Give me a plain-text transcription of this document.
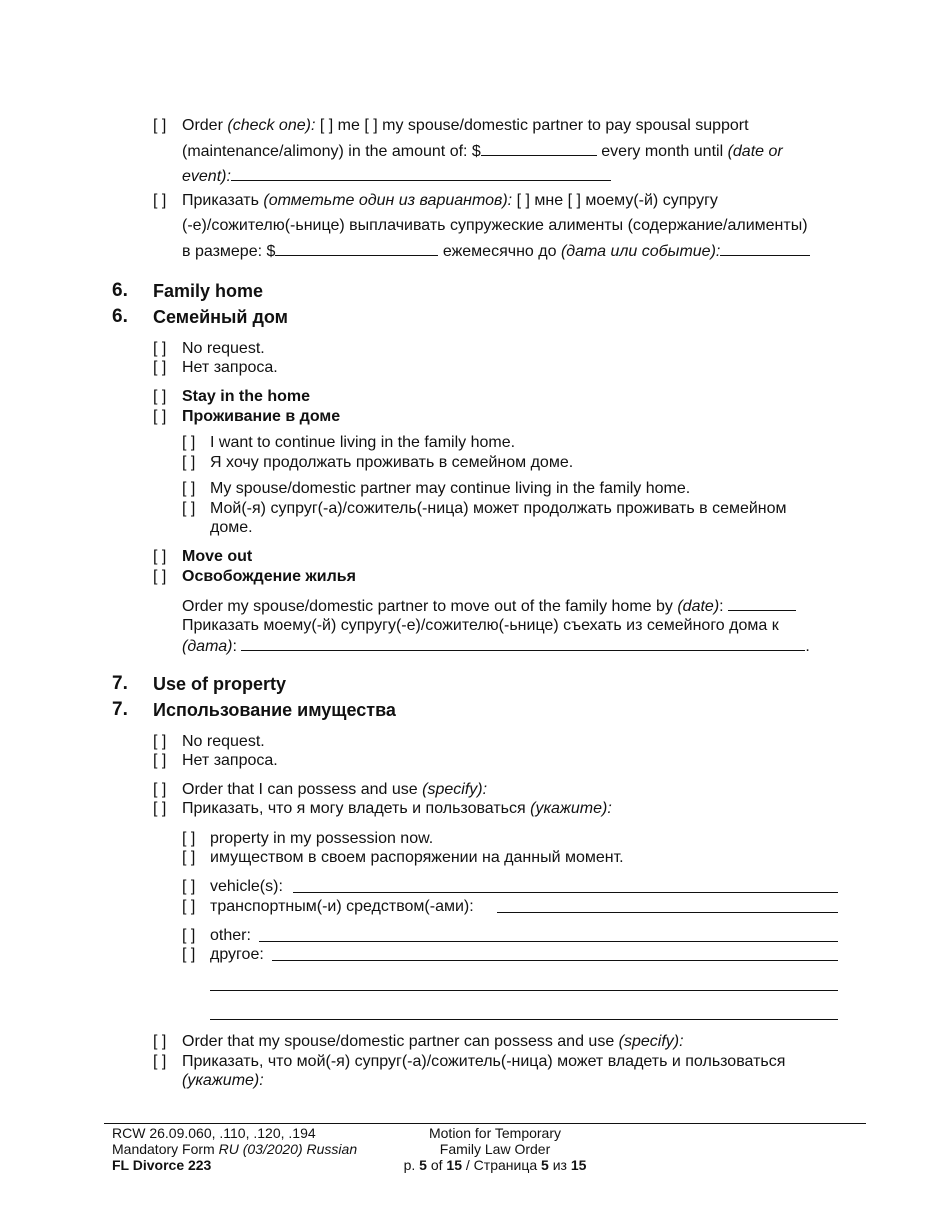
[ ] Order (check one): [ ] me [ ] my spouse/domestic partner to pay spousal support
(maintenance/alimony) in the amount of: $	every month until (date or
event):
[ ] Приказать (отметьте один из вариантов): [ ] мне [ ] моему(-й) супругу
(-е)/сожителю(-ьнице) выплачивать супружеские алименты (содержание/алименты)
в размере: $	ежемесячно до (дата или событие):
6. Family home
6. Семейный дом
[ ] No request.
[ ] Нет запроса.
[ ] Stay in the home
[ ] Проживание в доме
[ ] I want to continue living in the family home.
[ ] Я хочу продолжать проживать в семейном доме.
[ ] My spouse/domestic partner may continue living in the family home.
[ ] Мой(-я) супруг(-а)/сожитель(-ница) может продолжать проживать в семейном
доме.
[ ] Move out
[ ] Освобождение жилья
Order my spouse/domestic partner to move out of the family home by (date):
Приказать моему(-й) супругу(-е)/сожителю(-ьнице) съехать из семейного дома к
(дата):	.
7. Use of property
7. Использование имущества
[ ] No request.
[ ] Нет запроса.
[ ] Order that I can possess and use (specify):
[ ] Приказать, что я могу владеть и пользоваться (укажите):
[ ] property in my possession now.
[ ] имуществом в своем распоряжении на данный момент.
[ ] vehicle(s):
[ ] транспортным(-и) средством(-ами):
[ ] other:
[ ] другое:
[ ] Order that my spouse/domestic partner can possess and use (specify):
[ ] Приказать, что мой(-я) супруг(-а)/сожитель(-ница) может владеть и пользоваться
(укажите):
RCW 26.09.060, .110, .120, .194
Mandatory Form RU (03/2020) Russian
FL Divorce 223
Motion for Temporary
Family Law Order
p. 5 of 15 / Страница 5 из 15
